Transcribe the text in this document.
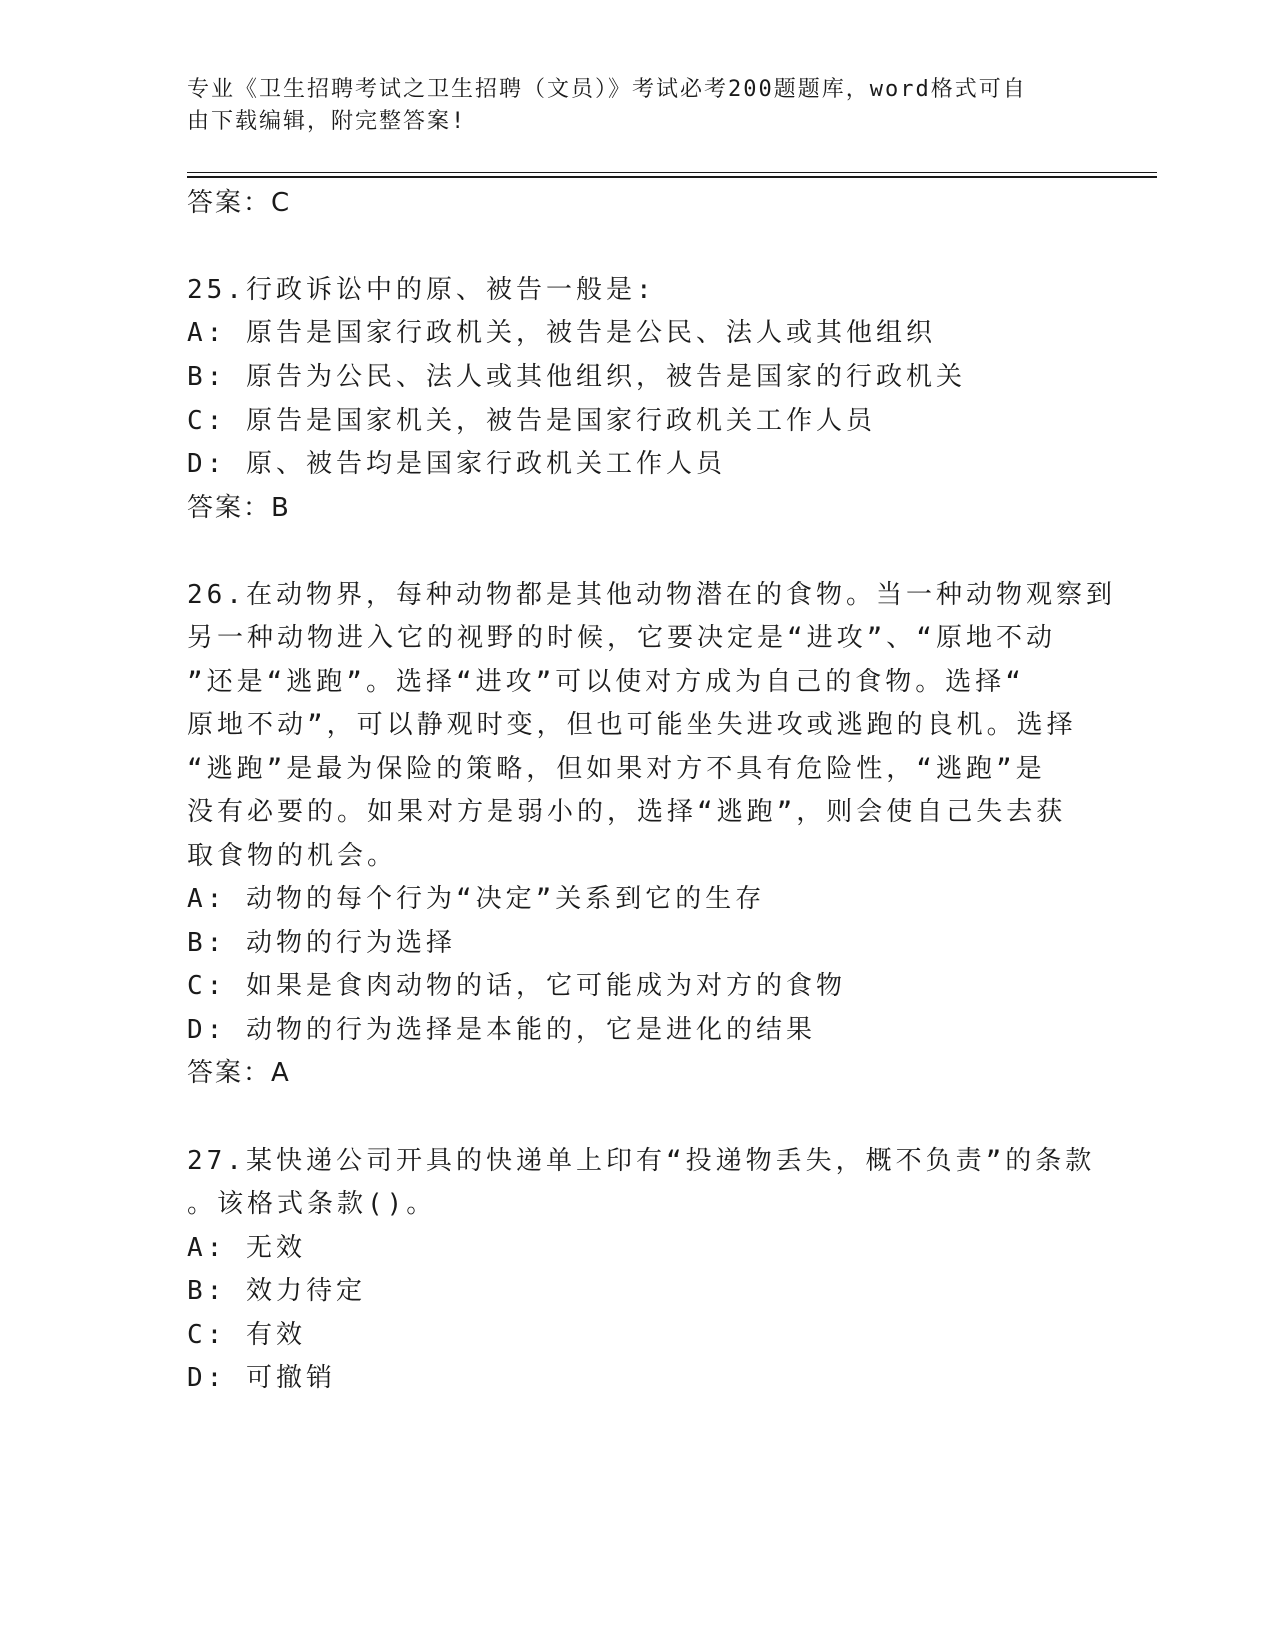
专业《卫生招聘考试之卫生招聘（文员）》考试必考200题题库，word格式可自
由下载编辑，附完整答案!
答案：C
25.行政诉讼中的原、被告一般是:
A: 原告是国家行政机关，被告是公民、法人或其他组织
B: 原告为公民、法人或其他组织，被告是国家的行政机关
C: 原告是国家机关，被告是国家行政机关工作人员
D: 原、被告均是国家行政机关工作人员
答案：B
26.在动物界，每种动物都是其他动物潜在的食物。当一种动物观察到
另一种动物进入它的视野的时候，它要决定是“进攻”、“原地不动
”还是“逃跑”。选择“进攻”可以使对方成为自己的食物。选择“
原地不动”，可以静观时变，但也可能坐失进攻或逃跑的良机。选择
“逃跑”是最为保险的策略，但如果对方不具有危险性，“逃跑”是
没有必要的。如果对方是弱小的，选择“逃跑”，则会使自己失去获
取食物的机会。
A: 动物的每个行为“决定”关系到它的生存
B: 动物的行为选择
C: 如果是食肉动物的话，它可能成为对方的食物
D: 动物的行为选择是本能的，它是进化的结果
答案：A
27.某快递公司开具的快递单上印有“投递物丢失，概不负责”的条款
。该格式条款()。
A: 无效
B: 效力待定
C: 有效
D: 可撤销
